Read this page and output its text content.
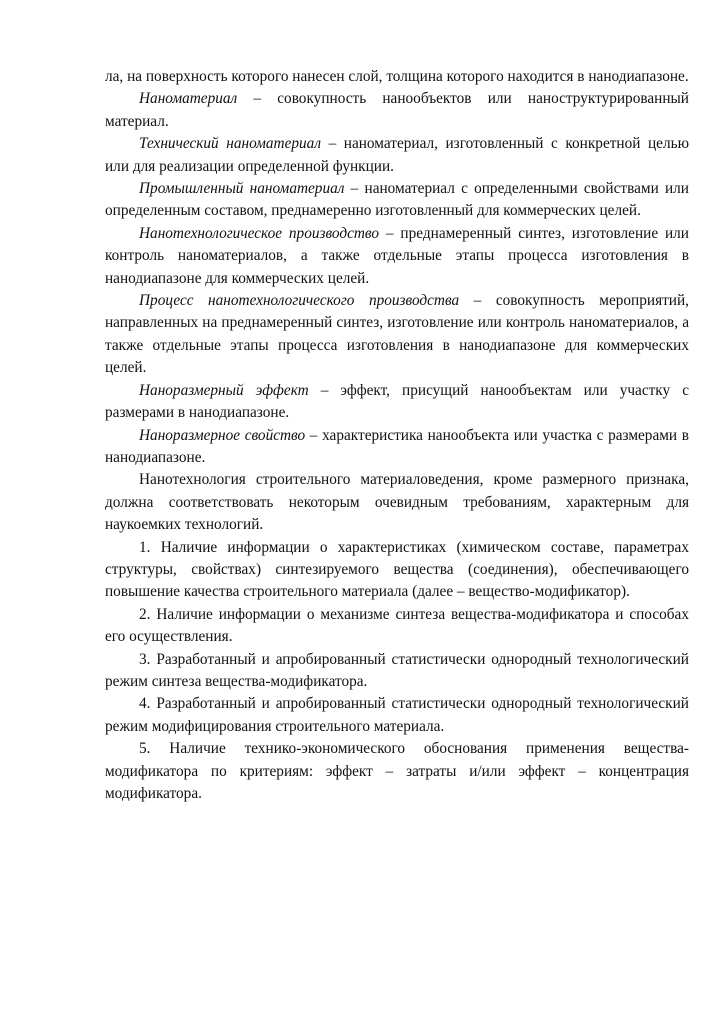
ла, на поверхность которого нанесен слой, толщина которого находится в нанодиапазоне.

Наноматериал – совокупность нанообъектов или наноструктурированный материал.

Технический наноматериал – наноматериал, изготовленный с конкретной целью или для реализации определенной функции.

Промышленный наноматериал – наноматериал с определенными свойствами или определенным составом, преднамеренно изготовленный для коммерческих целей.

Нанотехнологическое производство – преднамеренный синтез, изготовление или контроль наноматериалов, а также отдельные этапы процесса изготовления в нанодиапазоне для коммерческих целей.

Процесс нанотехнологического производства – совокупность мероприятий, направленных на преднамеренный синтез, изготовление или контроль наноматериалов, а также отдельные этапы процесса изготовления в нанодиапазоне для коммерческих целей.

Наноразмерный эффект – эффект, присущий нанообъектам или участку с размерами в нанодиапазоне.

Наноразмерное свойство – характеристика нанообъекта или участка с размерами в нанодиапазоне.

Нанотехнология строительного материаловедения, кроме размерного признака, должна соответствовать некоторым очевидным требованиям, характерным для наукоемких технологий.

1. Наличие информации о характеристиках (химическом составе, параметрах структуры, свойствах) синтезируемого вещества (соединения), обеспечивающего повышение качества строительного материала (далее – вещество-модификатор).

2. Наличие информации о механизме синтеза вещества-модификатора и способах его осуществления.

3. Разработанный и апробированный статистически однородный технологический режим синтеза вещества-модификатора.

4. Разработанный и апробированный статистически однородный технологический режим модифицирования строительного материала.

5. Наличие технико-экономического обоснования применения вещества-модификатора по критериям: эффект – затраты и/или эффект – концентрация модификатора.
